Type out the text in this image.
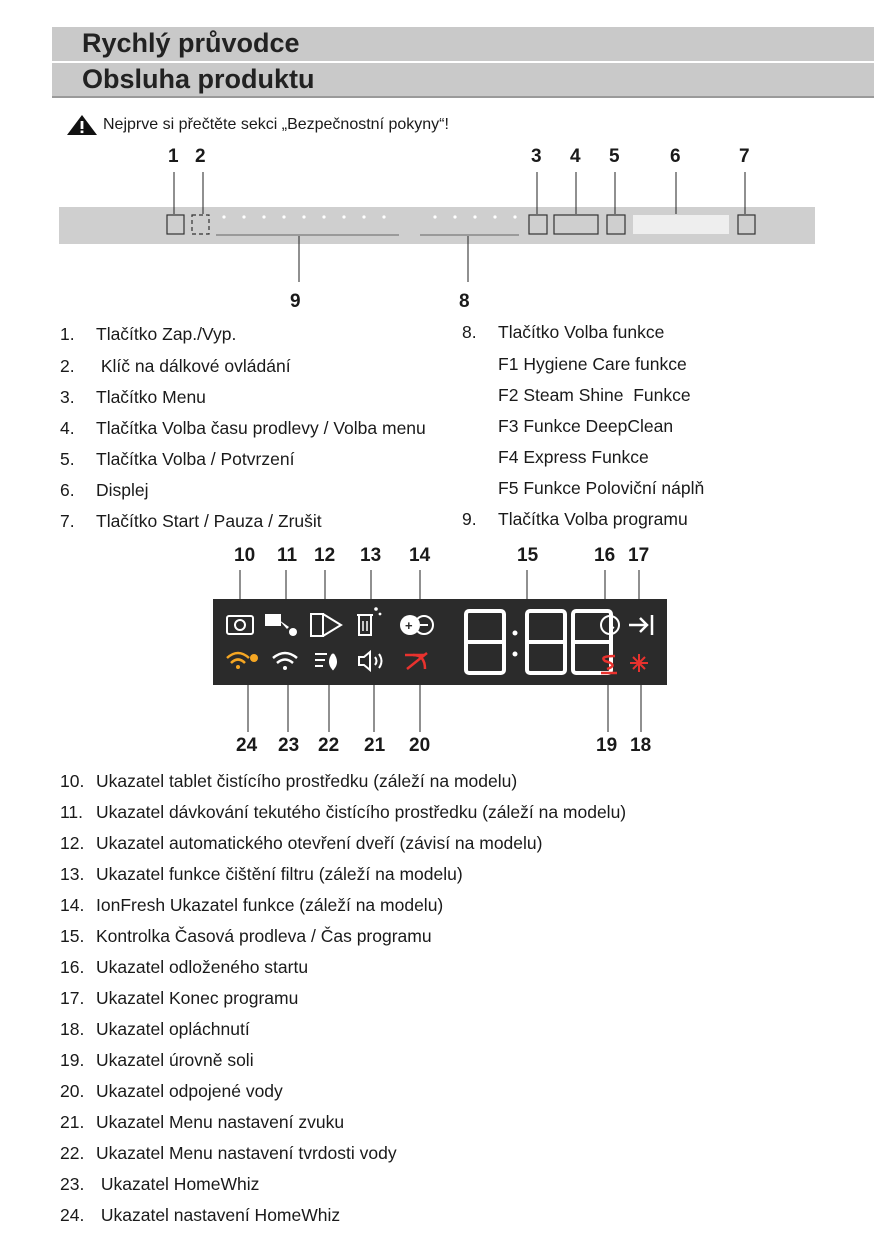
Rychlý průvodce
Obsluha produktu
Nejprve si přečtěte sekci „Bezpečnostní pokyny“!
1 2	3 4 5	6	7
9	8
1. Tlačítko Zap./Vyp.
2. Klíč na dálkové ovládání
3. Tlačítko Menu
4. Tlačítka Volba času prodlevy / Volba menu
5. Tlačítka Volba / Potvrzení
6. Displej
7. Tlačítko Start / Pauza / Zrušit
8. Tlačítko Volba funkce
F1 Hygiene Care funkce
F2 Steam Shine  Funkce
F3 Funkce DeepClean
F4 Express Funkce
F5 Funkce Poloviční náplň
9. Tlačítka Volba programu
10 11 12 13 14	15	16 17
+
24 23 22 21 20	19 18
10. Ukazatel tablet čistícího prostředku (záleží na modelu)
11. Ukazatel dávkování tekutého čistícího prostředku (záleží na modelu)
12. Ukazatel automatického otevření dveří (závisí na modelu)
13. Ukazatel funkce čištění filtru (záleží na modelu)
14. IonFresh Ukazatel funkce (záleží na modelu)
15. Kontrolka Časová prodleva / Čas programu
16. Ukazatel odloženého startu
17. Ukazatel Konec programu
18. Ukazatel opláchnutí
19. Ukazatel úrovně soli
20. Ukazatel odpojené vody
21. Ukazatel Menu nastavení zvuku
22. Ukazatel Menu nastavení tvrdosti vody
23. Ukazatel HomeWhiz
24. Ukazatel nastavení HomeWhiz
